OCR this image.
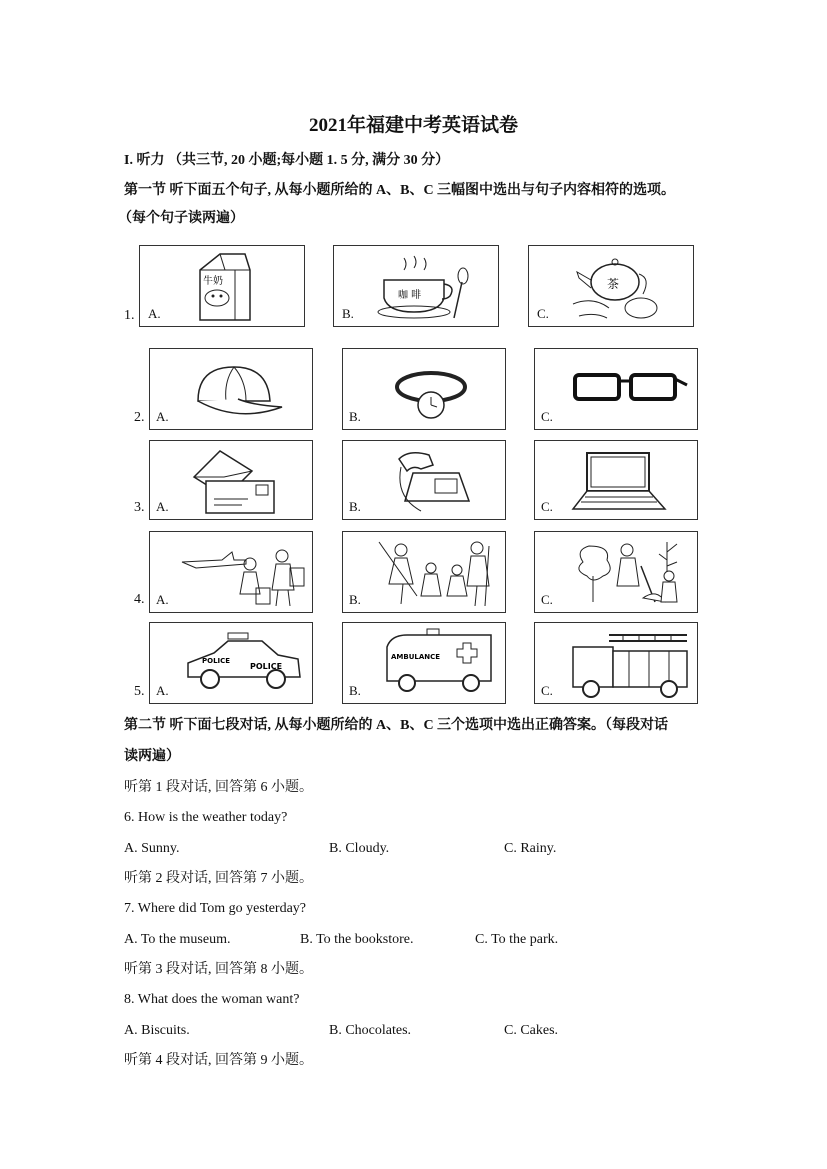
2021年福建中考英语试卷
I. 听力 （共三节, 20 小题;每小题 1. 5 分, 满分 30 分）
第一节 听下面五个句子, 从每小题所给的 A、B、C 三幅图中选出与句子内容相符的选项。
（每个句子读两遍）
1. A.
牛奶
B.
咖 啡
C.
茶
2. A.	B.	C.
3. A.	B.	C.
4. A.	B.	C.
5. A.
POLICE
POLICE
B.
AMBULANCE
C.
第二节 听下面七段对话, 从每小题所给的 A、B、C 三个选项中选出正确答案。（每段对话
读两遍）
听第 1 段对话, 回答第 6 小题。
6. How is the weather today?
A. Sunny.	B. Cloudy.	C. Rainy.
听第 2 段对话, 回答第 7 小题。
7. Where did Tom go yesterday?
A. To the museum.	B. To the bookstore.	C. To the park.
听第 3 段对话, 回答第 8 小题。
8. What does the woman want?
A. Biscuits.	B. Chocolates.	C. Cakes.
听第 4 段对话, 回答第 9 小题。
